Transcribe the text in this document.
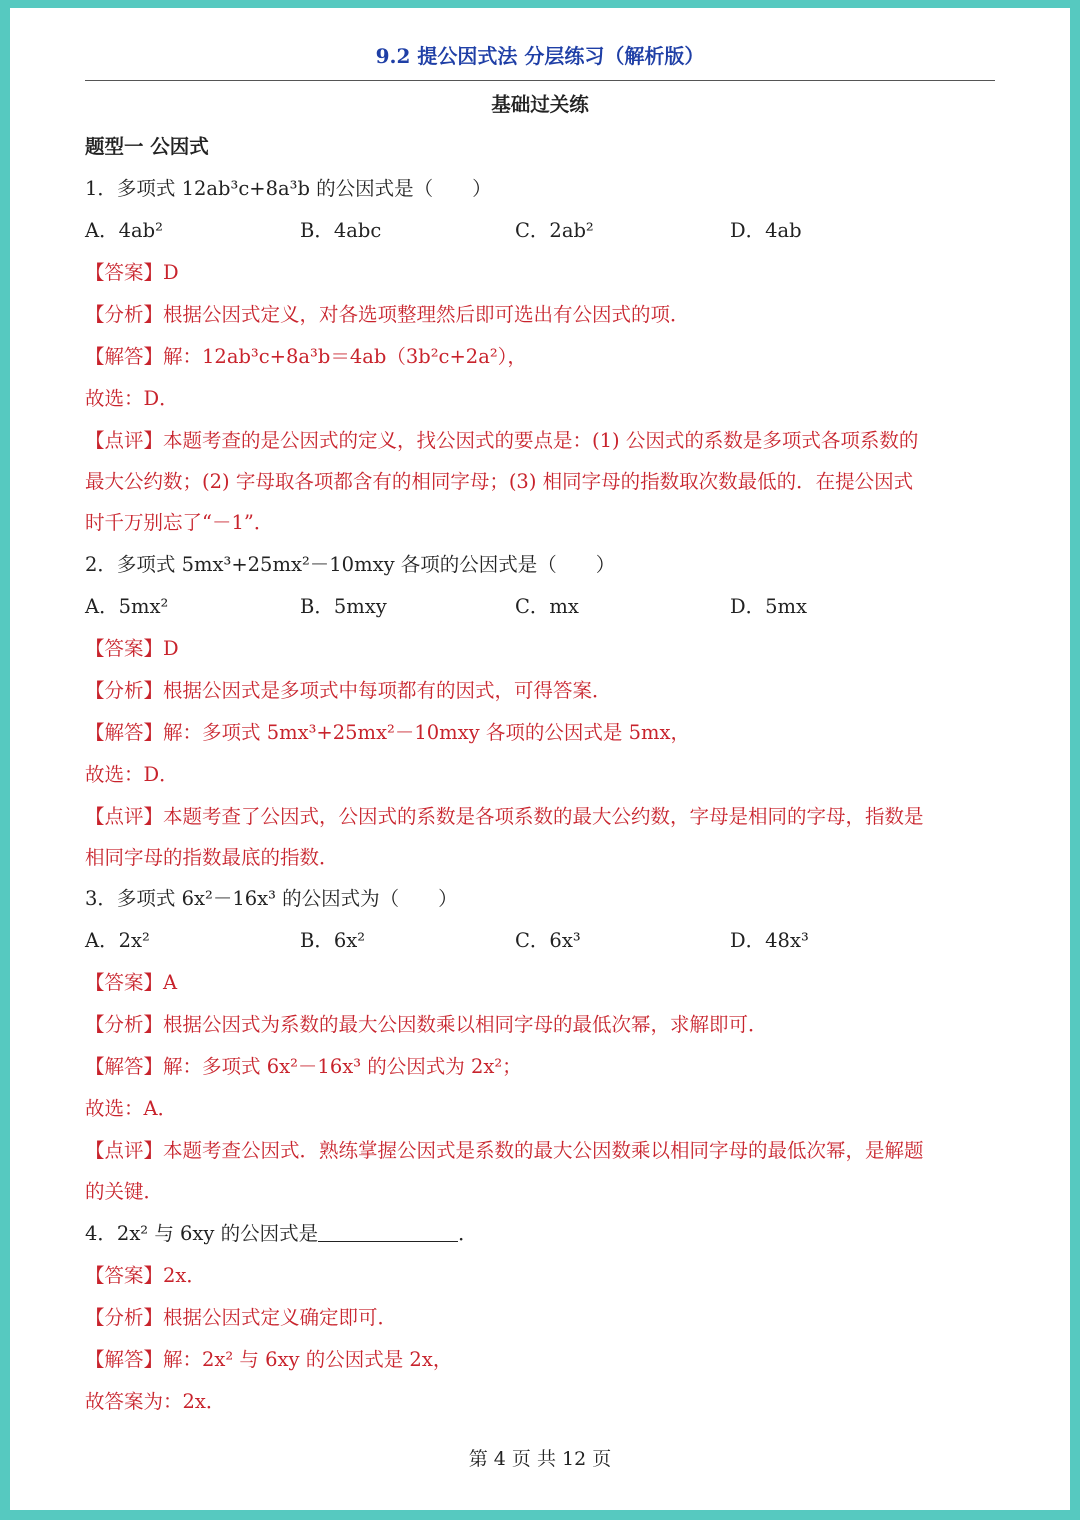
9.2 提公因式法 分层练习（解析版）
基础过关练
题型一 公因式
1．多项式 12ab³c+8a³b 的公因式是（　　）
A．4ab²	B．4abc	C．2ab²	D．4ab
【答案】D
【分析】根据公因式定义，对各选项整理然后即可选出有公因式的项．
【解答】解：12ab³c+8a³b＝4ab（3b²c+2a²），
故选：D．
【点评】本题考查的是公因式的定义，找公因式的要点是：(1) 公因式的系数是多项式各项系数的
最大公约数；(2) 字母取各项都含有的相同字母；(3) 相同字母的指数取次数最低的．在提公因式
时千万别忘了“－1”．
2．多项式 5mx³+25mx²－10mxy 各项的公因式是（　　）
A．5mx²	B．5mxy	C．mx	D．5mx
【答案】D
【分析】根据公因式是多项式中每项都有的因式，可得答案．
【解答】解：多项式 5mx³+25mx²－10mxy 各项的公因式是 5mx，
故选：D．
【点评】本题考查了公因式，公因式的系数是各项系数的最大公约数，字母是相同的字母，指数是
相同字母的指数最底的指数．
3．多项式 6x²－16x³ 的公因式为（　　）
A．2x²	B．6x²	C．6x³	D．48x³
【答案】A
【分析】根据公因式为系数的最大公因数乘以相同字母的最低次幂，求解即可．
【解答】解：多项式 6x²－16x³ 的公因式为 2x²；
故选：A．
【点评】本题考查公因式．熟练掌握公因式是系数的最大公因数乘以相同字母的最低次幂，是解题
的关键．
4．2x² 与 6xy 的公因式是	．
【答案】2x．
【分析】根据公因式定义确定即可．
【解答】解：2x² 与 6xy 的公因式是 2x，
故答案为：2x．
第 4 页 共 12 页
